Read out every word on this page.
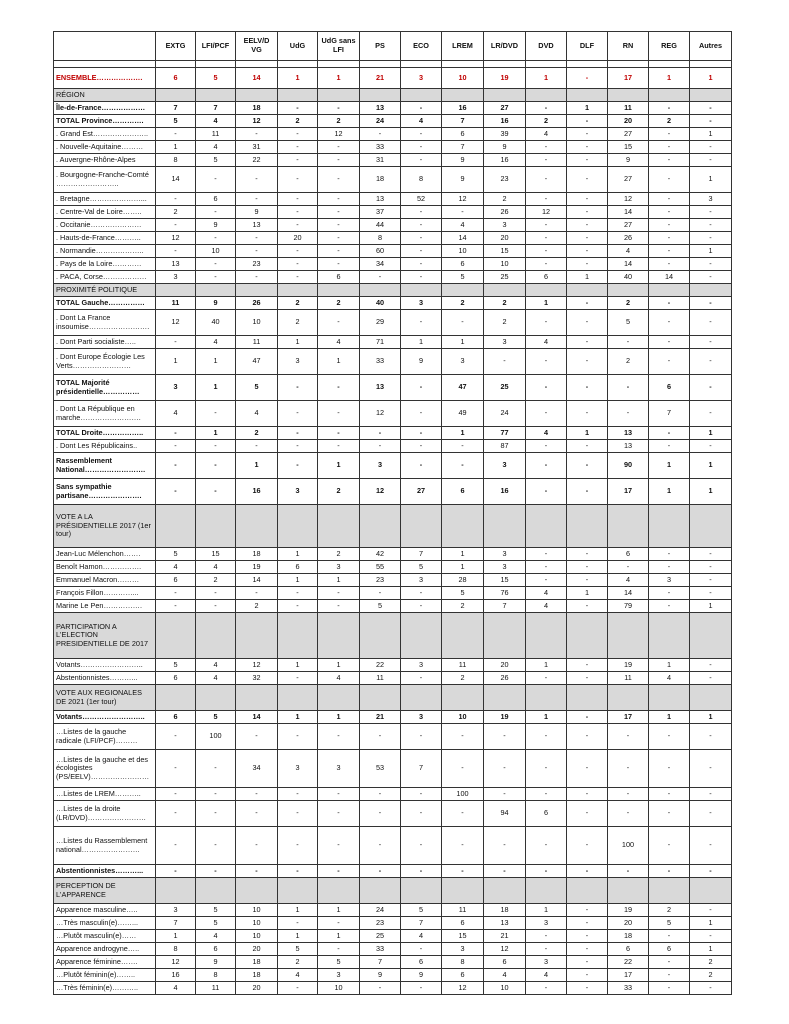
	EXTG	LFI/PCF	EELV/D VG	UdG	UdG sans LFI	PS	ECO	LREM	LR/DVD	DVD	DLF	RN	REG	Autres

ENSEMBLE……………….	6	5	14	1	1	21	3	10	19	1	-	17	1	1
RÉGION														
Île-de-France………………	7	7	18	-	-	13	-	16	27	-	1	11	-	-
TOTAL Province………….	5	4	12	2	2	24	4	7	16	2	-	20	2	-
. Grand Est…………………..	-	11	-	-	12	-	-	6	39	4	-	27	-	1
. Nouvelle-Aquitaine………	1	4	31	-	-	33	-	7	9	-	-	15	-	-
. Auvergne-Rhône-Alpes	8	5	22	-	-	31	-	9	16	-	-	9	-	-
. Bourgogne-Franche-Comté ……………………..	14	-	-	-	-	18	8	9	23	-	-	27	-	1
. Bretagne…………………...	-	6	-	-	-	13	52	12	2	-	-	12	-	3
. Centre-Val de Loire……..	2	-	9	-	-	37	-	-	26	12	-	14	-	-
. Occitanie…………………	-	9	13	-	-	44	-	4	3	-	-	27	-	-
. Hauts-de-France………..	12	-	-	20	-	8	-	14	20	-	-	26	-	-
. Normandie………………..	-	10	-	-	-	60	-	10	15	-	-	4	-	1
. Pays de la Loire…………	13	-	23	-	-	34	-	6	10	-	-	14	-	-
. PACA, Corse………………	3	-	-	-	6	-	-	5	25	6	1	40	14	-
PROXIMITÉ POLITIQUE														
TOTAL Gauche……………	11	9	26	2	2	40	3	2	2	1	-	2	-	-
. Dont La France insoumise…………………….	12	40	10	2	-	29	-	-	2	-	-	5	-	-
. Dont Parti socialiste…..	-	4	11	1	4	71	1	1	3	4	-	-	-	-
. Dont Europe Écologie Les Verts……………………	1	1	47	3	1	33	9	3	-	-	-	2	-	-
TOTAL Majorité présidentielle……………	3	1	5	-	-	13	-	47	25	-	-	-	6	-
. Dont La République en marche…………………….	4	-	4	-	-	12	-	49	24	-	-	-	7	-
TOTAL Droite……………..	-	1	2	-	-	-	-	1	77	4	1	13	-	1
. Dont Les Républicains..	-	-	-	-	-	-	-	-	87	-	-	13	-	-
Rassemblement National…………………….	-	-	1	-	1	3	-	-	3	-	-	90	1	1
Sans sympathie partisane………………….	-	-	16	3	2	12	27	6	16	-	-	17	1	1
VOTE A LA PRÉSIDENTIELLE 2017 (1er tour)														
Jean-Luc Mélenchon…….	5	15	18	1	2	42	7	1	3	-	-	6	-	-
Benoît Hamon…………….	4	4	19	6	3	55	5	1	3	-	-	-	-	-
Emmanuel Macron………	6	2	14	1	1	23	3	28	15	-	-	4	3	-
François Fillon…………...	-	-	-	-	-	-	-	5	76	4	1	14	-	-
Marine Le Pen…………….	-	-	2	-	-	5	-	2	7	4	-	79	-	1
PARTICIPATION A L'ELECTION PRESIDENTIELLE DE 2017														
Votants……………………..	5	4	12	1	1	22	3	11	20	1	-	19	1	-
Abstentionnistes………...	6	4	32	-	4	11	-	2	26	-	-	11	4	-
VOTE AUX REGIONALES DE 2021 (1er tour)														
Votants……………………..	6	5	14	1	1	21	3	10	19	1	-	17	1	1
…Listes de la gauche radicale (LFI/PCF)………	-	100	-	-	-	-	-	-	-	-	-	-	-	-
…Listes de la gauche et des écologistes (PS/EELV)……………………	-	-	34	3	3	53	7	-	-	-	-	-	-	-
…Listes de LREM………..	-	-	-	-	-	-	-	100	-	-	-	-	-	-
…Listes de la droite (LR/DVD)……………………	-	-	-	-	-	-	-	-	94	6	-	-	-	-
…Listes du Rassemblement national……………………	-	-	-	-	-	-	-	-	-	-	-	100	-	-
Abstentionnistes………...	-	-	-	-	-	-	-	-	-	-	-	-	-	-
PERCEPTION DE L'APPARENCE														
Apparence masculine…..	3	5	10	1	1	24	5	11	18	1	-	19	2	-
…Très masculin(e)……...	7	5	10	-	-	23	7	6	13	3	-	20	5	1
…Plutôt masculin(e)……	1	4	10	1	1	25	4	15	21	-	-	18	-	-
Apparence androgyne…..	8	6	20	5	-	33	-	3	12	-	-	6	6	1
Apparence féminine…….	12	9	18	2	5	7	6	8	6	3	-	22	-	2
…Plutôt féminin(e)……..	16	8	18	4	3	9	9	6	4	4	-	17	-	2
…Très féminin(e)………..	4	11	20	-	10	-	-	12	10	-	-	33	-	-
